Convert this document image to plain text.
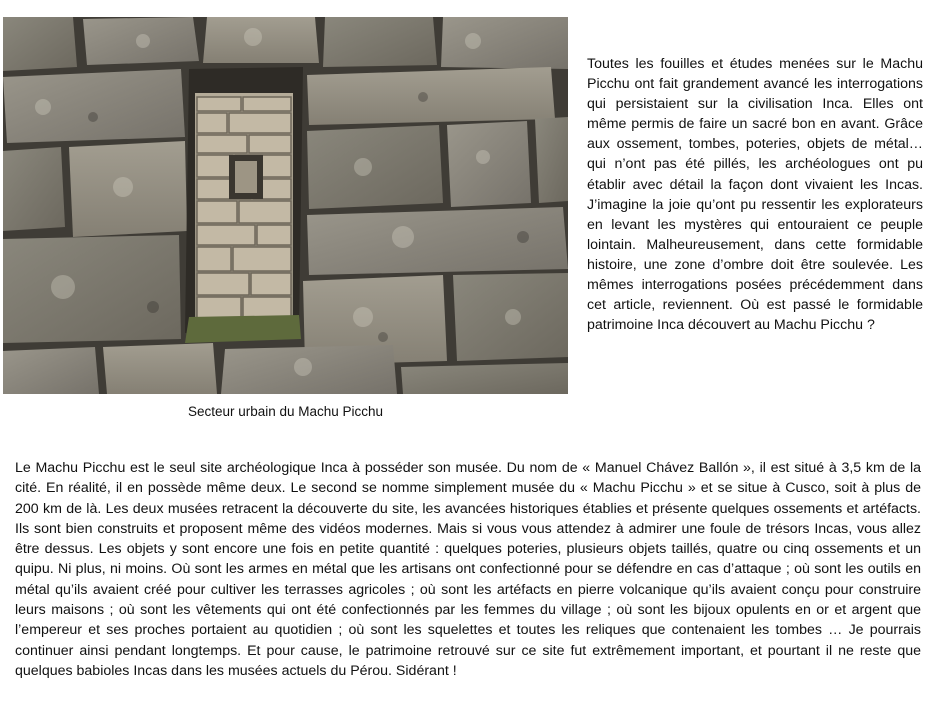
Secteur urbain du Machu Picchu

Toutes les fouilles et études menées sur le Machu Picchu ont fait grandement avancé les interrogations qui persistaient sur la civilisation Inca. Elles ont même permis de faire un sacré bon en avant. Grâce aux ossement, tombes, poteries, objets de métal… qui n’ont pas été pillés, les archéologues ont pu établir avec détail la façon dont vivaient les Incas. J’imagine la joie qu’ont pu ressentir les explorateurs en levant les mystères qui entouraient ce peuple lointain. Malheureusement, dans cette formidable histoire, une zone d’ombre doit être soulevée. Les mêmes interrogations posées précédemment dans cet article, reviennent. Où est passé le formidable patrimoine Inca découvert au Machu Picchu ?

Le Machu Picchu est le seul site archéologique Inca à posséder son musée. Du nom de « Manuel Chávez Ballón », il est situé à 3,5 km de la cité. En réalité, il en possède même deux. Le second se nomme simplement musée du « Machu Picchu » et se situe à Cusco, soit à plus de 200 km de là. Les deux musées retracent la découverte du site, les avancées historiques établies et présente quelques ossements et artéfacts. Ils sont bien construits et proposent même des vidéos modernes. Mais si vous vous attendez à admirer une foule de trésors Incas, vous allez être dessus. Les objets y sont encore une fois en petite quantité : quelques poteries, plusieurs objets taillés, quatre ou cinq ossements et un quipu. Ni plus, ni moins. Où sont les armes en métal que les artisans ont confectionné pour se défendre en cas d’attaque ; où sont les outils en métal qu’ils avaient créé pour cultiver les terrasses agricoles ; où sont les artéfacts en pierre volcanique qu’ils avaient conçu pour construire leurs maisons ; où sont les vêtements qui ont été confectionnés par les femmes du village ; où sont les bijoux opulents en or et argent que l’empereur et ses proches portaient au quotidien ; où sont les squelettes et toutes les reliques que contenaient les tombes … Je pourrais continuer ainsi pendant longtemps. Et pour cause, le patrimoine retrouvé sur ce site fut extrêmement important, et pourtant il ne reste que quelques babioles Incas dans les musées actuels du Pérou. Sidérant !
